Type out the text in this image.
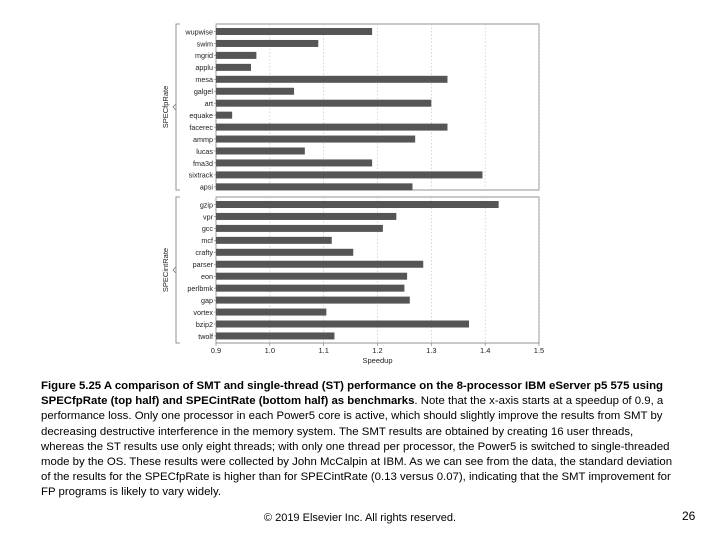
wupwise
swim
mgrid
applu
mesa
galgel
art
equake
facerec
ammp
lucas
fma3d
sixtrack
apsi
SPECfpRate
gzip
vpr
gcc
mcf
crafty
parser
eon
perlbmk
gap
vortex
bzip2
twolf
SPECintRate
0.9	1.0	1.1	1.2	1.3	1.4	1.5
Speedup
Figure 5.25 A comparison of SMT and single-thread (ST) performance on the 8-processor IBM eServer p5 575 using SPECfpRate (top half) and SPECintRate (bottom half) as benchmarks. Note that the x-axis starts at a speedup of 0.9, a performance loss. Only one processor in each Power5 core is active, which should slightly improve the results from SMT by decreasing destructive interference in the memory system. The SMT results are obtained by creating 16 user threads, whereas the ST results use only eight threads; with only one thread per processor, the Power5 is switched to single-threaded mode by the OS. These results were collected by John McCalpin at IBM. As we can see from the data, the standard deviation of the results for the SPECfpRate is higher than for SPECintRate (0.13 versus 0.07), indicating that the SMT improvement for FP programs is likely to vary widely.
© 2019 Elsevier Inc. All rights reserved.	26
